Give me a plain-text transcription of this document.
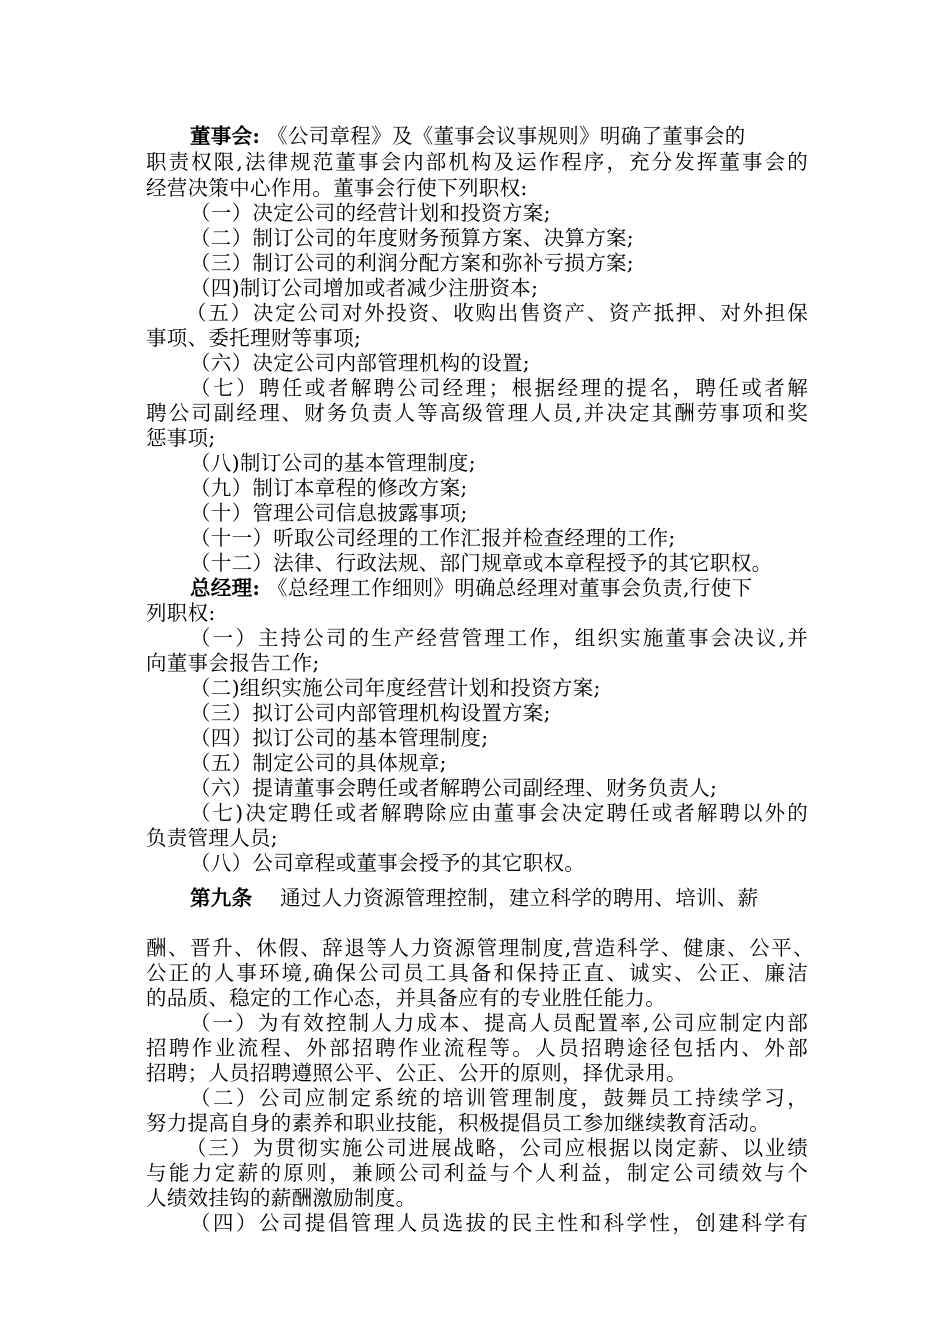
董事会: 《公司章程》及《董事会议事规则》明确了董事会的
职责权限,法律规范董事会内部机构及运作程序，充分发挥董事会的
经营决策中心作用。董事会行使下列职权:
（一）决定公司的经营计划和投资方案;
（二）制订公司的年度财务预算方案、决算方案;
（三）制订公司的利润分配方案和弥补亏损方案;
（四)制订公司增加或者减少注册资本;
（五）决定公司对外投资、收购出售资产、资产抵押、对外担保
事项、委托理财等事项;
（六）决定公司内部管理机构的设置;
（七）聘任或者解聘公司经理；根据经理的提名，聘任或者解
聘公司副经理、财务负责人等高级管理人员,并决定其酬劳事项和奖
惩事项;
（八)制订公司的基本管理制度;
（九）制订本章程的修改方案;
（十）管理公司信息披露事项;
（十一）听取公司经理的工作汇报并检查经理的工作;
（十二）法律、行政法规、部门规章或本章程授予的其它职权。
总经理: 《总经理工作细则》明确总经理对董事会负责,行使下
列职权:
（一）主持公司的生产经营管理工作，组织实施董事会决议,并
向董事会报告工作;
（二)组织实施公司年度经营计划和投资方案;
（三）拟订公司内部管理机构设置方案;
（四）拟订公司的基本管理制度;
（五）制定公司的具体规章;
（六）提请董事会聘任或者解聘公司副经理、财务负责人;
（七)决定聘任或者解聘除应由董事会决定聘任或者解聘以外的
负责管理人员;
（八）公司章程或董事会授予的其它职权。
第九条 通过人力资源管理控制，建立科学的聘用、培训、薪
酬、晋升、休假、辞退等人力资源管理制度,营造科学、健康、公平、
公正的人事环境,确保公司员工具备和保持正直、诚实、公正、廉洁
的品质、稳定的工作心态，并具备应有的专业胜任能力。
（一）为有效控制人力成本、提高人员配置率,公司应制定内部
招聘作业流程、外部招聘作业流程等。人员招聘途径包括内、外部
招聘；人员招聘遵照公平、公正、公开的原则，择优录用。
（二）公司应制定系统的培训管理制度，鼓舞员工持续学习，
努力提高自身的素养和职业技能，积极提倡员工参加继续教育活动。
（三）为贯彻实施公司进展战略，公司应根据以岗定薪、以业绩
与能力定薪的原则，兼顾公司利益与个人利益，制定公司绩效与个
人绩效挂钩的薪酬激励制度。
（四）公司提倡管理人员选拔的民主性和科学性，创建科学有
